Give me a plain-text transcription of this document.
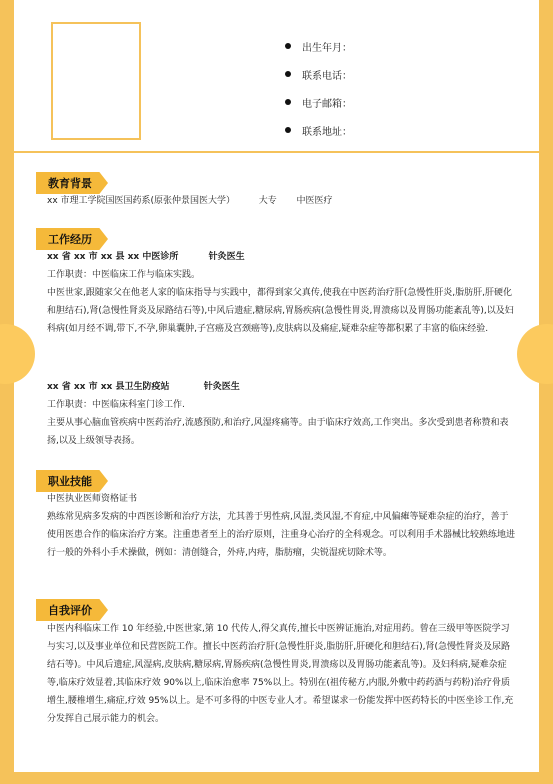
出生年月：
联系电话：
电子邮箱：
联系地址：
教育背景
xx 市理工学院国医国药系(原张仲景国医大学）	大专 中医医疗
工作经历
xx 省 xx 市 xx 县 xx 中医诊所	针灸医生
工作职责：中医临床工作与临床实践。
中医世家,跟随家父在他老人家的临床指导与实践中，都得到家父真传,使我在中医药治疗肝(急慢性肝炎,脂肪肝,肝硬化和胆结石),肾(急慢性肾炎及尿路结石等),中风后遗症,糖尿病,胃肠疾病(急慢性胃炎,胃溃疡以及胃肠功能紊乱等),以及妇科病(如月经不调,带下,不孕,卵巢囊肿,子宫癌及宫颈癌等),皮肤病以及痛症,疑难杂症等都积累了丰富的临床经验.
xx 省 xx 市 xx 县卫生防疫站	针灸医生
工作职责：中医临床科室门诊工作.
主要从事心脑血管疾病中医药治疗,流感预防,和治疗,风湿疼痛等。由于临床疗效高,工作突出。多次受到患者称赞和表扬,以及上级领导表扬。
职业技能
中医执业医师资格证书
熟练常见病多发病的中西医诊断和治疗方法，尤其善于男性病,风湿,类风湿,不育症,中风偏瘫等疑难杂症的治疗，善于使用医患合作的临床治疗方案。注重患者至上的治疗原则，注重身心治疗的全科观念。可以利用手术器械比较熟练地进行一般的外科小手术操做，例如：清创缝合，外痔,内痔，脂肪瘤，尖锐湿疣切除术等。
自我评价
中医内科临床工作 10 年经验,中医世家,第 10 代传人,得父真传,擅长中医辨证施治,对症用药。曾在三级甲等医院学习与实习,以及事业单位和民营医院工作。擅长中医药治疗肝(急慢性肝炎,脂肪肝,肝硬化和胆结石),肾(急慢性肾炎及尿路结石等)。中风后遗症,风湿病,皮肤病,糖尿病,胃肠疾病(急慢性胃炎,胃溃疡以及胃肠功能紊乱等)。及妇科病,疑难杂症等,临床疗效显着,其临床疗效 90%以上,临床治愈率 75%以上。特别在(祖传秘方,内服,外敷中药药酒与药粉)治疗骨质增生,腰椎增生,痛症,疗效 95%以上。是不可多得的中医专业人才。希望谋求一份能发挥中医药特长的中医坐诊工作,充分发挥自己展示能力的机会。
